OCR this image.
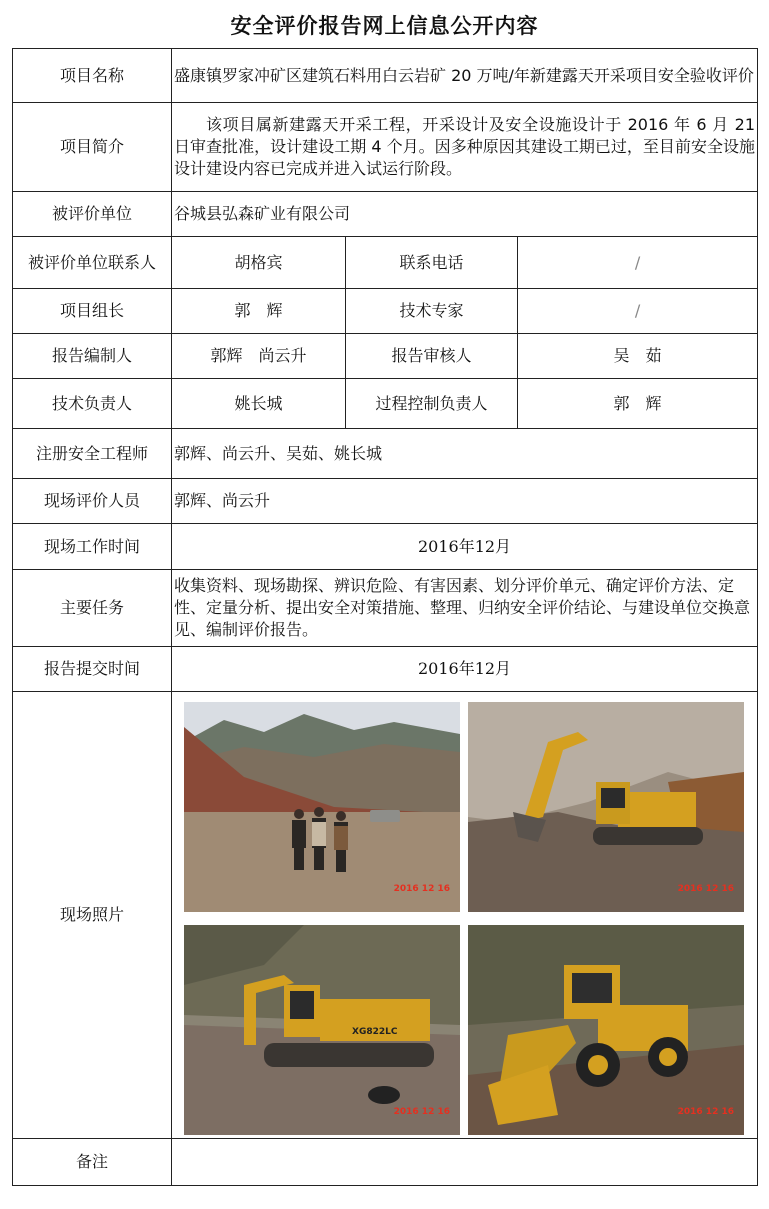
安全评价报告网上信息公开内容
项目名称	盛康镇罗家冲矿区建筑石料用白云岩矿 20 万吨/年新建露天开采项目安全验收评价		
项目简介	该项目属新建露天开采工程，开采设计及安全设施设计于 2016 年 6 月 21 日审查批准，设计建设工期 4 个月。因多种原因其建设工期已过，至目前安全设施设计建设内容已完成并进入试运行阶段。		
被评价单位	谷城县弘森矿业有限公司		
被评价单位联系人	胡格宾	联系电话	/
项目组长	郭　辉	技术专家	/
报告编制人	郭辉　尚云升	报告审核人	吴　茹
技术负责人	姚长城	过程控制负责人	郭　辉
注册安全工程师	郭辉、尚云升、吴茹、姚长城		
现场评价人员	郭辉、尚云升		
现场工作时间	2016年12月		
主要任务	收集资料、现场勘探、辨识危险、有害因素、划分评价单元、确定评价方法、定性、定量分析、提出安全对策措施、整理、归纳安全评价结论、与建设单位交换意见、编制评价报告。		
报告提交时间	2016年12月		
现场照片	2016 12 16 2016 12 16
XG822LC
2016 12 16 2016 12 16		

备注			
